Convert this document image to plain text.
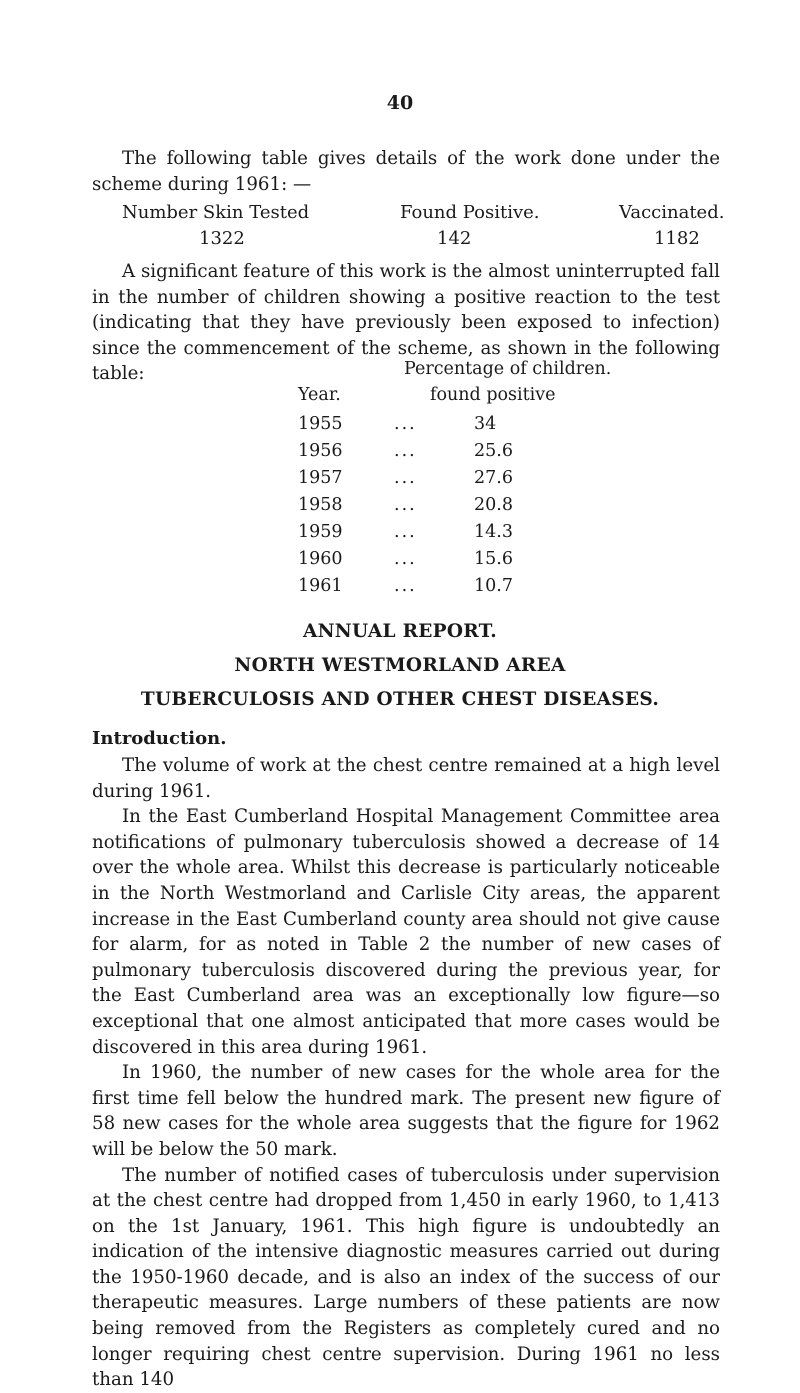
40

The following table gives details of the work done under the scheme during 1961: —

Number Skin Tested	Found Positive.	Vaccinated.
1322	142	1182

A significant feature of this work is the almost uninterrupted fall in the number of children showing a positive reaction to the test (indicating that they have previously been exposed to infection) since the commencement of the scheme, as shown in the following table:	Percentage of children.
Year.	found positive
1955	...	34
1956	...	25.6
1957	...	27.6
1958	...	20.8
1959	...	14.3
1960	...	15.6
1961	...	10.7
ANNUAL REPORT.
NORTH WESTMORLAND AREA
TUBERCULOSIS AND OTHER CHEST DISEASES.
Introduction.

The volume of work at the chest centre remained at a high level during 1961.

In the East Cumberland Hospital Management Committee area notifications of pulmonary tuberculosis showed a decrease of 14 over the whole area. Whilst this decrease is particularly noticeable in the North Westmorland and Carlisle City areas, the apparent increase in the East Cumberland county area should not give cause for alarm, for as noted in Table 2 the number of new cases of pulmonary tuberculosis discovered during the previous year, for the East Cumberland area was an exceptionally low figure—so exceptional that one almost anticipated that more cases would be discovered in this area during 1961.

In 1960, the number of new cases for the whole area for the first time fell below the hundred mark. The present new figure of 58 new cases for the whole area suggests that the figure for 1962 will be below the 50 mark.

The number of notified cases of tuberculosis under supervision at the chest centre had dropped from 1,450 in early 1960, to 1,413 on the 1st January, 1961. This high figure is undoubtedly an indication of the intensive diagnostic measures carried out during the 1950-1960 decade, and is also an index of the success of our therapeutic measures. Large numbers of these patients are now being removed from the Registers as completely cured and no longer requiring chest centre supervision. During 1961 no less than 140
